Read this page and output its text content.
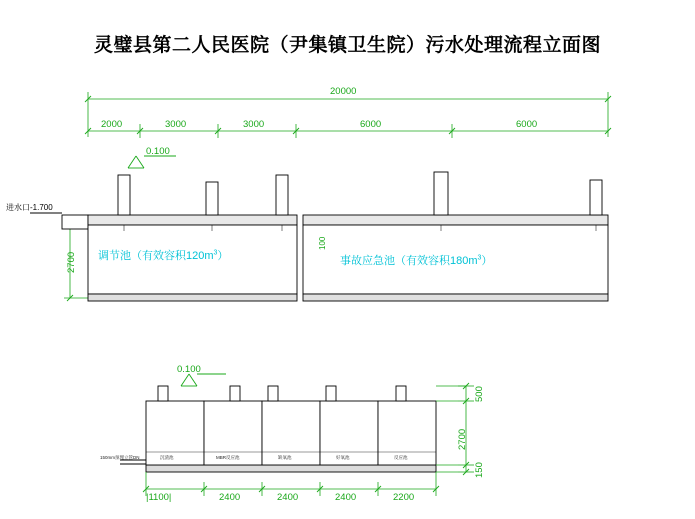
灵璧县第二人民医院（尹集镇卫生院）污水处理流程立面图
20000
2000	3000	3000	6000	6000
0.100
进水口-1.700
2700
100
调节池（有效容积$120m^3$）	事故应急池（有效容积$180m^3$）
0.100
150mm预埋立管DN	沉渣池	MBR反应池	缺氧池	好氧池	反应池
|1100|	2400	2400	2400	2200
500
2700
150
